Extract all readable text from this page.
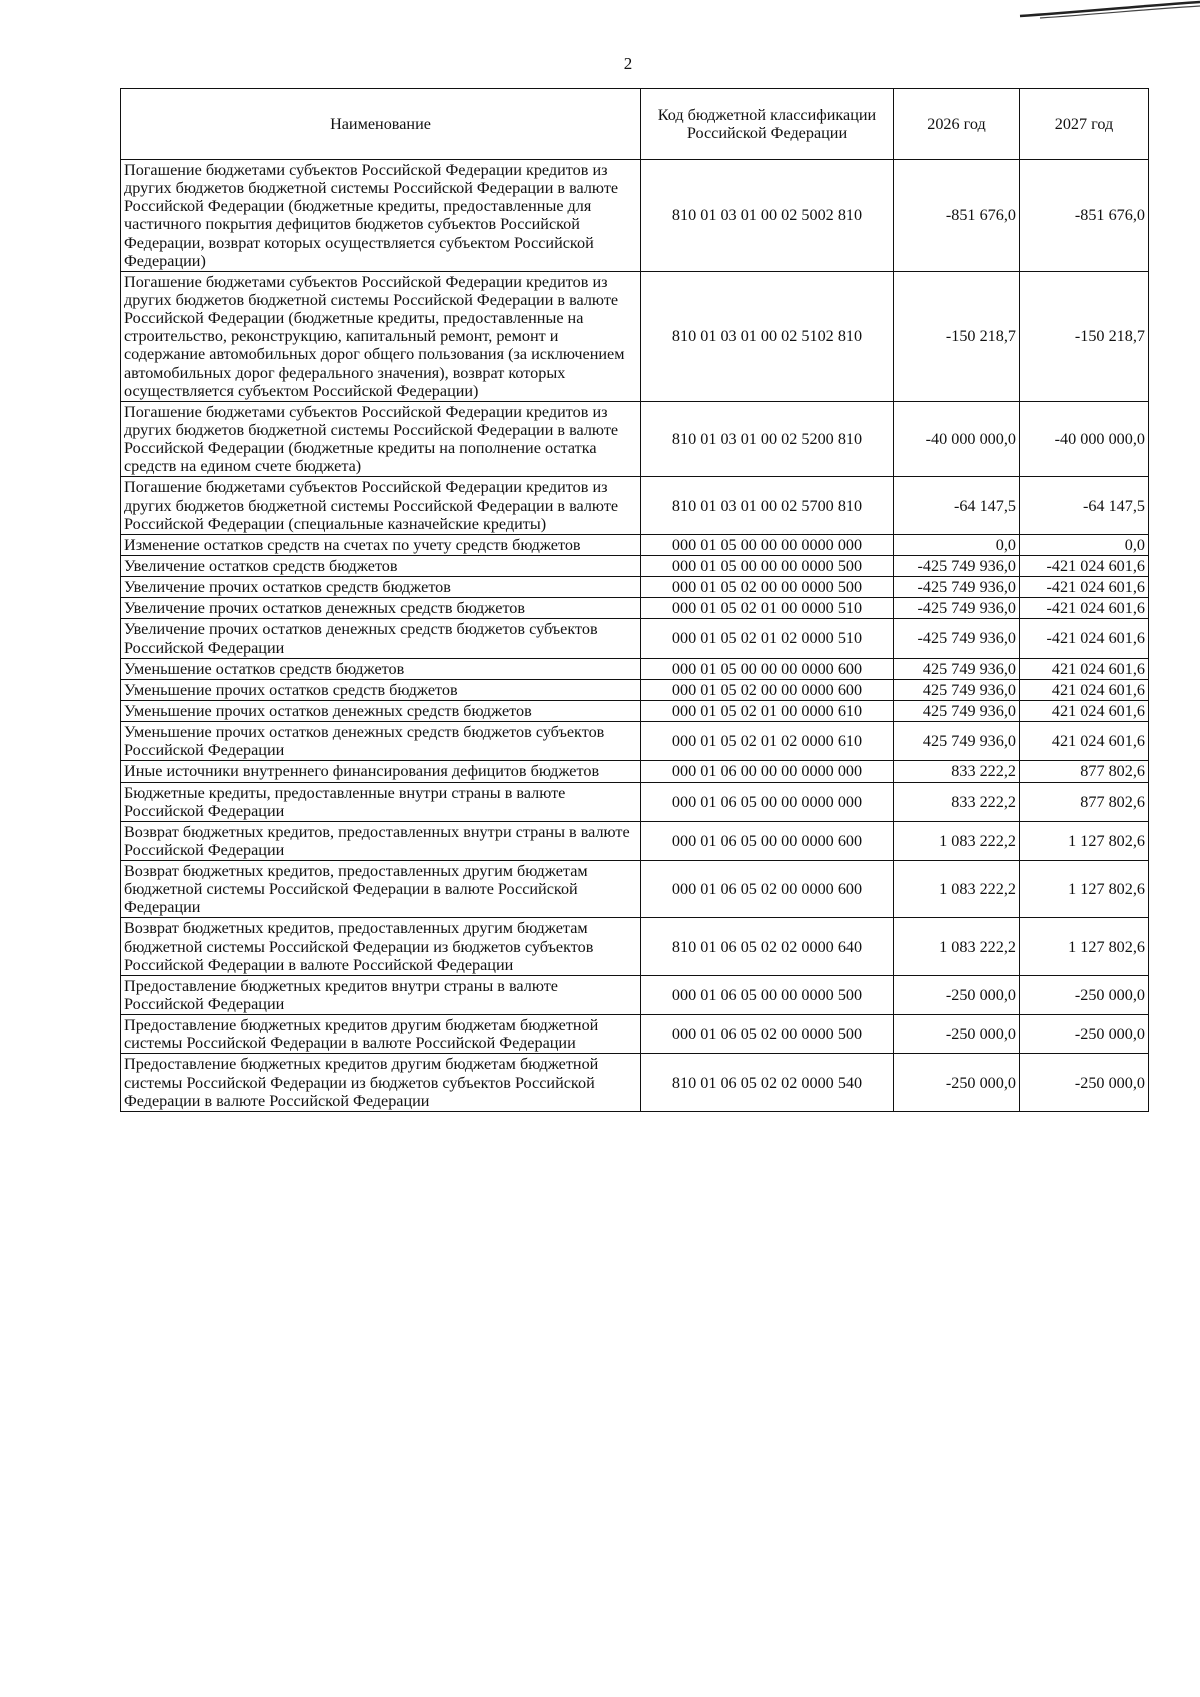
2
Наименование	Код бюджетной классификации Российской Федерации	2026 год	2027 год
Погашение бюджетами субъектов Российской Федерации кредитов из других бюджетов бюджетной системы Российской Федерации в валюте Российской Федерации (бюджетные кредиты, предоставленные для частичного покрытия дефицитов бюджетов субъектов Российской Федерации, возврат которых осуществляется субъектом Российской Федерации)	810 01 03 01 00 02 5002 810	-851 676,0	-851 676,0
Погашение бюджетами субъектов Российской Федерации кредитов из других бюджетов бюджетной системы Российской Федерации в валюте Российской Федерации (бюджетные кредиты, предоставленные на строительство, реконструкцию, капитальный ремонт, ремонт и содержание автомобильных дорог общего пользования (за исключением автомобильных дорог федерального значения), возврат которых осуществляется субъектом Российской Федерации)	810 01 03 01 00 02 5102 810	-150 218,7	-150 218,7
Погашение бюджетами субъектов Российской Федерации кредитов из других бюджетов бюджетной системы Российской Федерации в валюте Российской Федерации (бюджетные кредиты на пополнение остатка средств на едином счете бюджета)	810 01 03 01 00 02 5200 810	-40 000 000,0	-40 000 000,0
Погашение бюджетами субъектов Российской Федерации кредитов из других бюджетов бюджетной системы Российской Федерации в валюте Российской Федерации (специальные казначейские кредиты)	810 01 03 01 00 02 5700 810	-64 147,5	-64 147,5
Изменение остатков средств на счетах по учету средств бюджетов	000 01 05 00 00 00 0000 000	0,0	0,0
Увеличение остатков средств бюджетов	000 01 05 00 00 00 0000 500	-425 749 936,0	-421 024 601,6
Увеличение прочих остатков средств бюджетов	000 01 05 02 00 00 0000 500	-425 749 936,0	-421 024 601,6
Увеличение прочих остатков денежных средств бюджетов	000 01 05 02 01 00 0000 510	-425 749 936,0	-421 024 601,6
Увеличение прочих остатков денежных средств бюджетов субъектов Российской Федерации	000 01 05 02 01 02 0000 510	-425 749 936,0	-421 024 601,6
Уменьшение остатков средств бюджетов	000 01 05 00 00 00 0000 600	425 749 936,0	421 024 601,6
Уменьшение прочих остатков средств бюджетов	000 01 05 02 00 00 0000 600	425 749 936,0	421 024 601,6
Уменьшение прочих остатков денежных средств бюджетов	000 01 05 02 01 00 0000 610	425 749 936,0	421 024 601,6
Уменьшение прочих остатков денежных средств бюджетов субъектов Российской Федерации	000 01 05 02 01 02 0000 610	425 749 936,0	421 024 601,6
Иные источники внутреннего финансирования дефицитов бюджетов	000 01 06 00 00 00 0000 000	833 222,2	877 802,6
Бюджетные кредиты, предоставленные внутри страны в валюте Российской Федерации	000 01 06 05 00 00 0000 000	833 222,2	877 802,6
Возврат бюджетных кредитов, предоставленных внутри страны в валюте Российской Федерации	000 01 06 05 00 00 0000 600	1 083 222,2	1 127 802,6
Возврат бюджетных кредитов, предоставленных другим бюджетам бюджетной системы Российской Федерации в валюте Российской Федерации	000 01 06 05 02 00 0000 600	1 083 222,2	1 127 802,6
Возврат бюджетных кредитов, предоставленных другим бюджетам бюджетной системы Российской Федерации из бюджетов субъектов Российской Федерации в валюте Российской Федерации	810 01 06 05 02 02 0000 640	1 083 222,2	1 127 802,6
Предоставление бюджетных кредитов внутри страны в валюте Российской Федерации	000 01 06 05 00 00 0000 500	-250 000,0	-250 000,0
Предоставление бюджетных кредитов другим бюджетам бюджетной системы Российской Федерации в валюте Российской Федерации	000 01 06 05 02 00 0000 500	-250 000,0	-250 000,0
Предоставление бюджетных кредитов другим бюджетам бюджетной системы Российской Федерации из бюджетов субъектов Российской Федерации в валюте Российской Федерации	810 01 06 05 02 02 0000 540	-250 000,0	-250 000,0
